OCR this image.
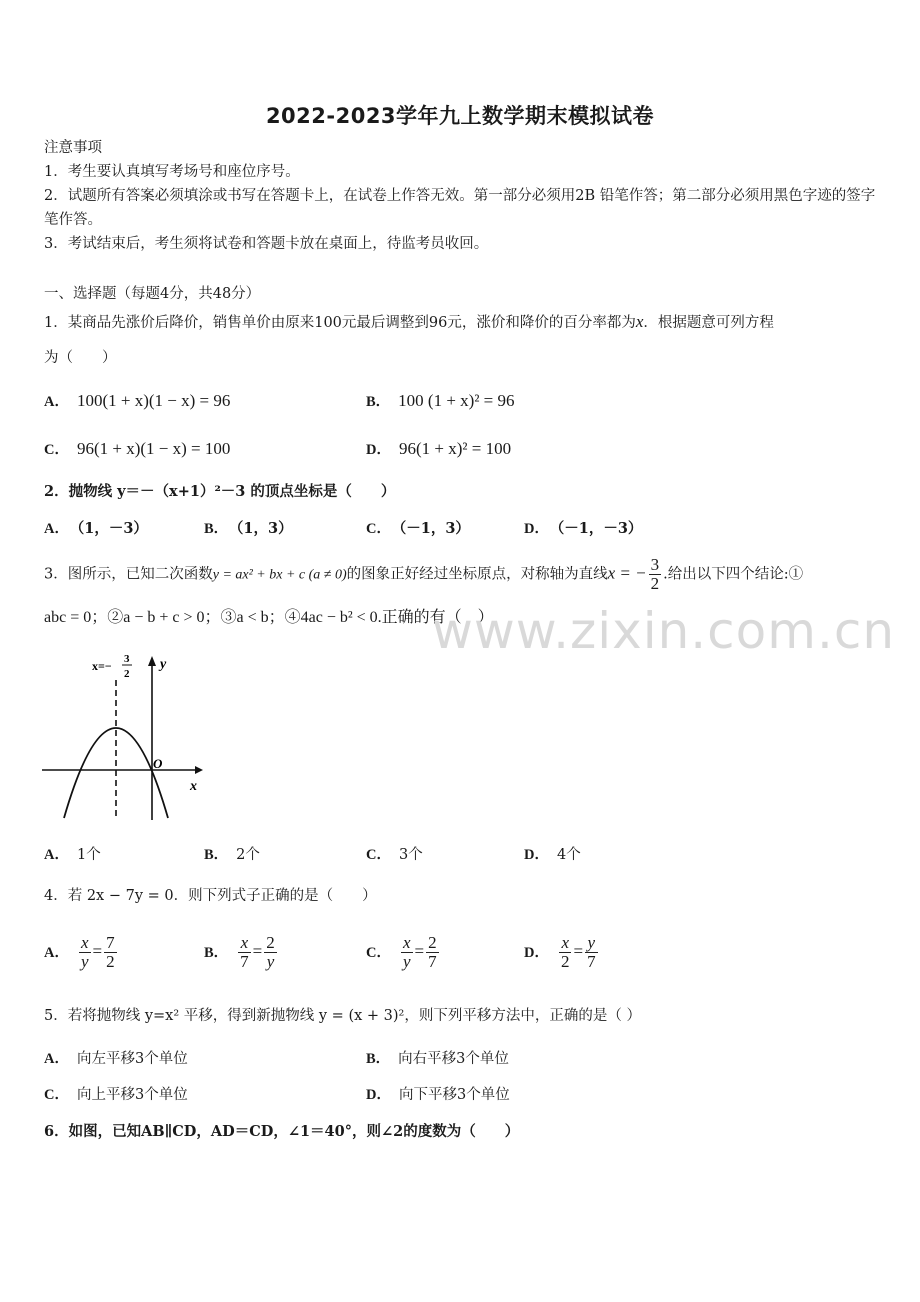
2022-2023学年九上数学期末模拟试卷
注意事项
1．考生要认真填写考场号和座位序号。
2．试题所有答案必须填涂或书写在答题卡上，在试卷上作答无效。第一部分必须用2B 铅笔作答；第二部分必须用黑色字迹的签字笔作答。
3．考试结束后，考生须将试卷和答题卡放在桌面上，待监考员收回。
一、选择题（每题4分，共48分）
1．某商品先涨价后降价，销售单价由原来100元最后调整到96元，涨价和降价的百分率都为x．根据题意可列方程
为（　　）
A． 100(1 + x)(1 − x) = 96	B． 100 (1 + x)² = 96
C． 96(1 + x)(1 − x) = 100	D． 96(1 + x)² = 100
2．抛物线 y＝－（x+1）²－3 的顶点坐标是（　　）
A． （1，－3）	B． （1，3）	C． （－1，3）	D． （－1，－3）
3．图所示，已知二次函数y = ax² + bx + c (a ≠ 0)的图象正好经过坐标原点，对称轴为直线x = − $\frac{3}{2}$ .给出以下四个结论:①
abc = 0；②a − b + c > 0；③a < b；④4ac − b² < 0.正确的有（　）
www.zixin.com.cn
x=− 3
2
y
x
O
A． 1个	B． 2个	C． 3个	D． 4个
4．若 2x − 7y = 0．则下列式子正确的是（　　）
A． $\frac{x}{y} = \frac{7}{2}$	B． $\frac{x}{7} = \frac{2}{y}$	C． $\frac{x}{y} = \frac{2}{7}$	D． $\frac{x}{2} = \frac{y}{7}$
5．若将抛物线 y=x² 平移，得到新抛物线 y = (x + 3)²，则下列平移方法中，正确的是（ ）
A． 向左平移3个单位	B． 向右平移3个单位
C． 向上平移3个单位	D． 向下平移3个单位
6．如图，已知AB∥CD，AD＝CD，∠1＝40°，则∠2的度数为（　　）
